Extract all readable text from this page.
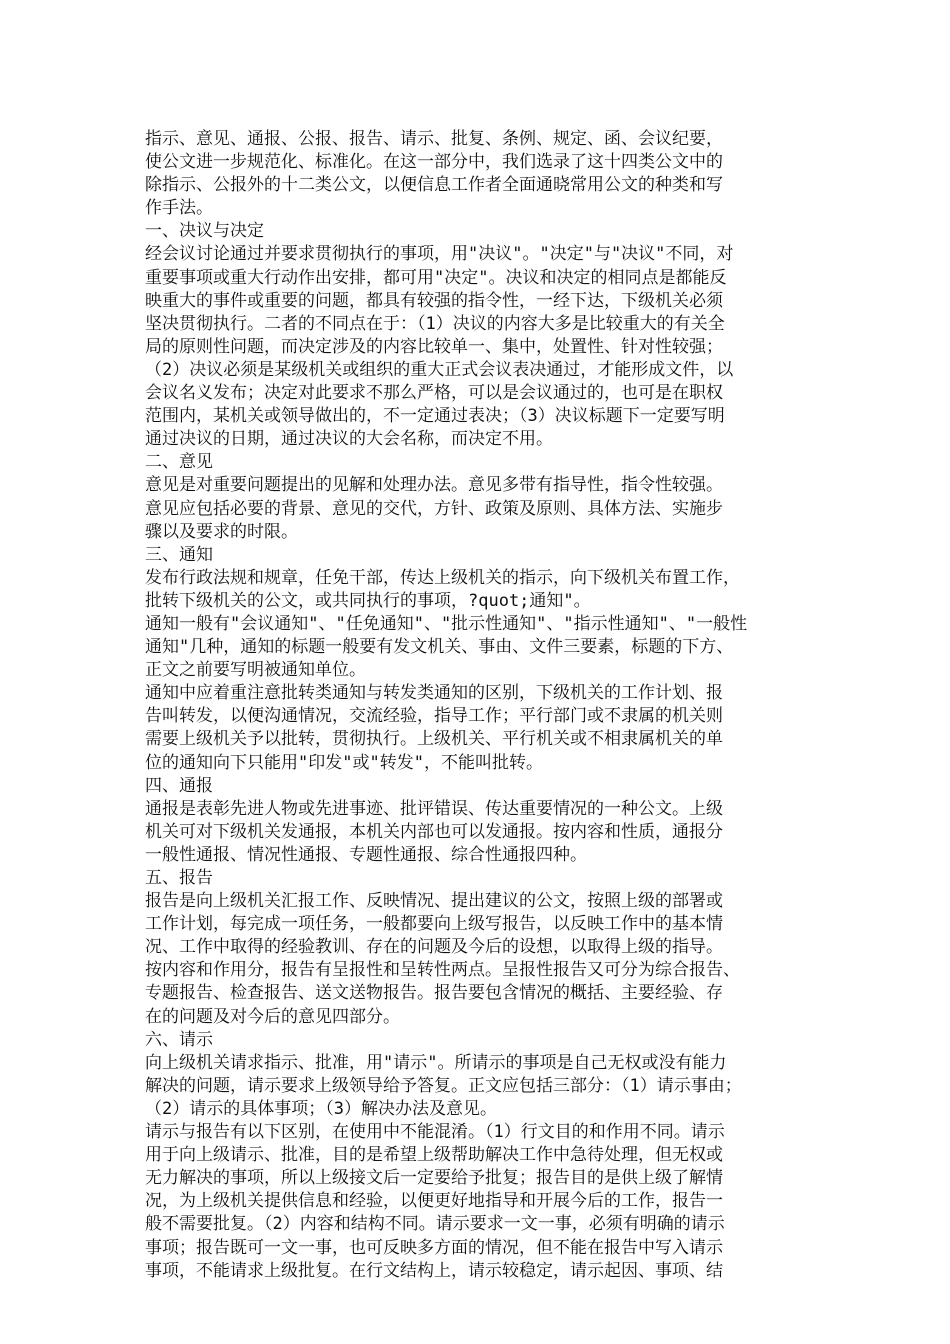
指示、意见、通报、公报、报告、请示、批复、条例、规定、函、会议纪要，
使公文进一步规范化、标准化。在这一部分中，我们选录了这十四类公文中的
除指示、公报外的十二类公文，以便信息工作者全面通晓常用公文的种类和写
作手法。
一、决议与决定
经会议讨论通过并要求贯彻执行的事项，用"决议"。"决定"与"决议"不同，对
重要事项或重大行动作出安排，都可用"决定"。决议和决定的相同点是都能反
映重大的事件或重要的问题，都具有较强的指令性，一经下达，下级机关必须
坚决贯彻执行。二者的不同点在于：（1）决议的内容大多是比较重大的有关全
局的原则性问题，而决定涉及的内容比较单一、集中，处置性、针对性较强；
（2）决议必须是某级机关或组织的重大正式会议表决通过，才能形成文件，以
会议名义发布；决定对此要求不那么严格，可以是会议通过的，也可是在职权
范围内，某机关或领导做出的，不一定通过表决；（3）决议标题下一定要写明
通过决议的日期，通过决议的大会名称，而决定不用。
二、意见
意见是对重要问题提出的见解和处理办法。意见多带有指导性，指令性较强。
意见应包括必要的背景、意见的交代，方针、政策及原则、具体方法、实施步
骤以及要求的时限。
三、通知
发布行政法规和规章，任免干部，传达上级机关的指示，向下级机关布置工作，
批转下级机关的公文，或共同执行的事项，?quot;通知"。
通知一般有"会议通知"、"任免通知"、"批示性通知"、"指示性通知"、"一般性
通知"几种，通知的标题一般要有发文机关、事由、文件三要素，标题的下方、
正文之前要写明被通知单位。
通知中应着重注意批转类通知与转发类通知的区别，下级机关的工作计划、报
告叫转发，以便沟通情况，交流经验，指导工作；平行部门或不隶属的机关则
需要上级机关予以批转，贯彻执行。上级机关、平行机关或不相隶属机关的单
位的通知向下只能用"印发"或"转发"，不能叫批转。
四、通报
通报是表彰先进人物或先进事迹、批评错误、传达重要情况的一种公文。上级
机关可对下级机关发通报，本机关内部也可以发通报。按内容和性质，通报分
一般性通报、情况性通报、专题性通报、综合性通报四种。
五、报告
报告是向上级机关汇报工作、反映情况、提出建议的公文，按照上级的部署或
工作计划，每完成一项任务，一般都要向上级写报告，以反映工作中的基本情
况、工作中取得的经验教训、存在的问题及今后的设想，以取得上级的指导。
按内容和作用分，报告有呈报性和呈转性两点。呈报性报告又可分为综合报告、
专题报告、检查报告、送文送物报告。报告要包含情况的概括、主要经验、存
在的问题及对今后的意见四部分。
六、请示
向上级机关请求指示、批准，用"请示"。所请示的事项是自己无权或没有能力
解决的问题，请示要求上级领导给予答复。正文应包括三部分：（1）请示事由；
（2）请示的具体事项；（3）解决办法及意见。
请示与报告有以下区别，在使用中不能混淆。（1）行文目的和作用不同。请示
用于向上级请示、批准，目的是希望上级帮助解决工作中急待处理，但无权或
无力解决的事项，所以上级接文后一定要给予批复；报告目的是供上级了解情
况，为上级机关提供信息和经验，以便更好地指导和开展今后的工作，报告一
般不需要批复。（2）内容和结构不同。请示要求一文一事，必须有明确的请示
事项；报告既可一文一事，也可反映多方面的情况，但不能在报告中写入请示
事项，不能请求上级批复。在行文结构上，请示较稳定，请示起因、事项、结
